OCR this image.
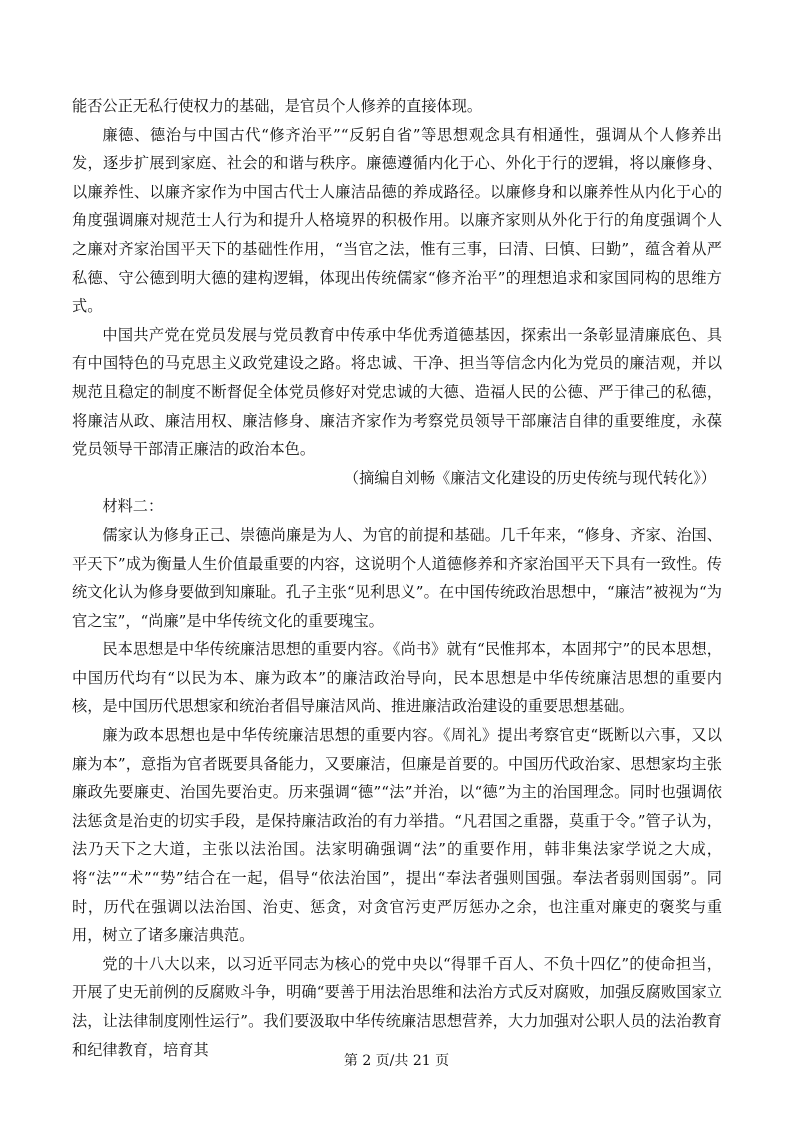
能否公正无私行使权力的基础，是官员个人修养的直接体现。

廉德、德治与中国古代“修齐治平”“反躬自省”等思想观念具有相通性，强调从个人修养出发，逐步扩展到家庭、社会的和谐与秩序。廉德遵循内化于心、外化于行的逻辑，将以廉修身、以廉养性、以廉齐家作为中国古代士人廉洁品德的养成路径。以廉修身和以廉养性从内化于心的角度强调廉对规范士人行为和提升人格境界的积极作用。以廉齐家则从外化于行的角度强调个人之廉对齐家治国平天下的基础性作用，“当官之法，惟有三事，曰清、曰慎、曰勤”，蕴含着从严私德、守公德到明大德的建构逻辑，体现出传统儒家“修齐治平”的理想追求和家国同构的思维方式。

中国共产党在党员发展与党员教育中传承中华优秀道德基因，探索出一条彰显清廉底色、具有中国特色的马克思主义政党建设之路。将忠诚、干净、担当等信念内化为党员的廉洁观，并以规范且稳定的制度不断督促全体党员修好对党忠诚的大德、造福人民的公德、严于律己的私德，将廉洁从政、廉洁用权、廉洁修身、廉洁齐家作为考察党员领导干部廉洁自律的重要维度，永葆党员领导干部清正廉洁的政治本色。

（摘编自刘畅《廉洁文化建设的历史传统与现代转化》）

材料二：

儒家认为修身正己、崇德尚廉是为人、为官的前提和基础。几千年来，“修身、齐家、治国、平天下”成为衡量人生价值最重要的内容，这说明个人道德修养和齐家治国平天下具有一致性。传统文化认为修身要做到知廉耻。孔子主张“见利思义”。在中国传统政治思想中，“廉洁”被视为“为官之宝”，“尚廉”是中华传统文化的重要瑰宝。

民本思想是中华传统廉洁思想的重要内容。《尚书》就有“民惟邦本，本固邦宁”的民本思想，中国历代均有“以民为本、廉为政本”的廉洁政治导向，民本思想是中华传统廉洁思想的重要内核，是中国历代思想家和统治者倡导廉洁风尚、推进廉洁政治建设的重要思想基础。

廉为政本思想也是中华传统廉洁思想的重要内容。《周礼》提出考察官吏“既断以六事，又以廉为本”，意指为官者既要具备能力，又要廉洁，但廉是首要的。中国历代政治家、思想家均主张廉政先要廉吏、治国先要治吏。历来强调“德”“法”并治，以“德”为主的治国理念。同时也强调依法惩贪是治吏的切实手段，是保持廉洁政治的有力举措。“凡君国之重器，莫重于令。”管子认为，法乃天下之大道，主张以法治国。法家明确强调“法”的重要作用，韩非集法家学说之大成，将“法”“术”“势”结合在一起，倡导“依法治国”，提出“奉法者强则国强。奉法者弱则国弱”。同时，历代在强调以法治国、治吏、惩贪，对贪官污吏严厉惩办之余，也注重对廉吏的褒奖与重用，树立了诸多廉洁典范。

党的十八大以来，以习近平同志为核心的党中央以“得罪千百人、不负十四亿”的使命担当，开展了史无前例的反腐败斗争，明确“要善于用法治思维和法治方式反对腐败，加强反腐败国家立法，让法律制度刚性运行”。我们要汲取中华传统廉洁思想营养，大力加强对公职人员的法治教育和纪律教育，培育其

第 2 页/共 21 页
